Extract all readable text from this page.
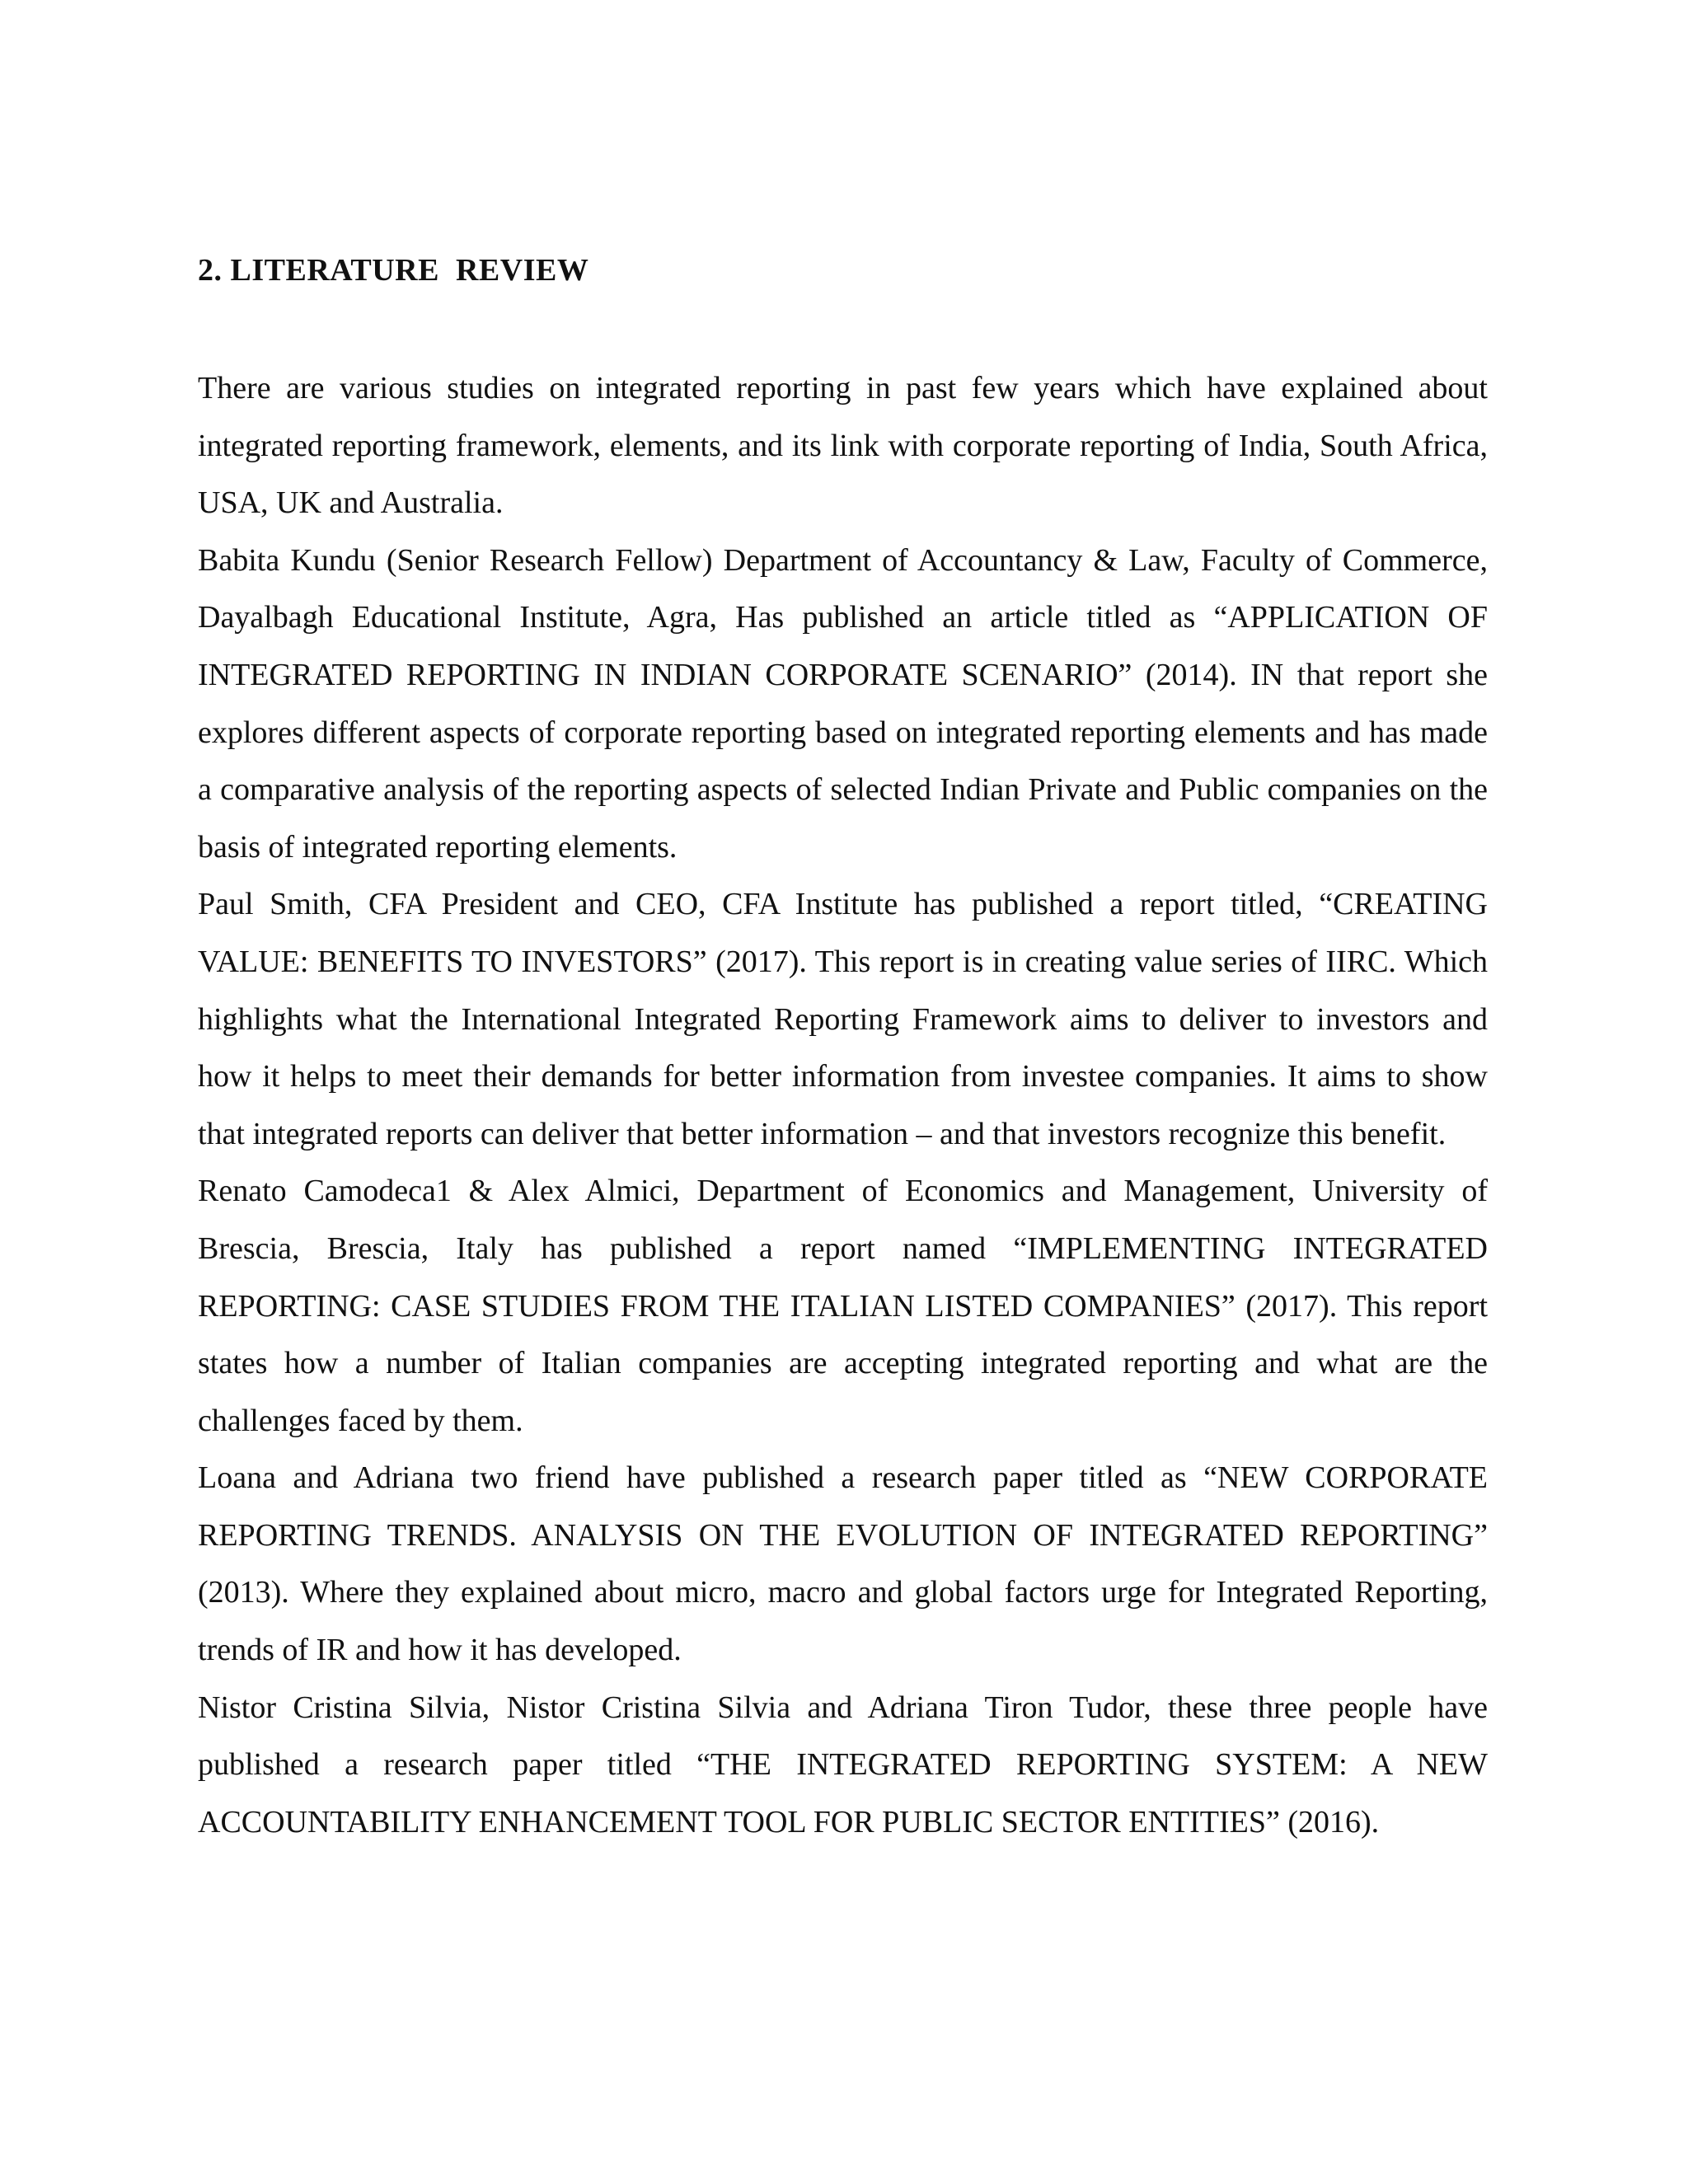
2. LITERATURE  REVIEW

There are various studies on integrated reporting in past few years which have explained about integrated reporting framework, elements, and its link with corporate reporting of India, South Africa, USA, UK and Australia.

Babita Kundu (Senior Research Fellow) Department of Accountancy & Law, Faculty of Commerce, Dayalbagh Educational Institute, Agra, Has published an article titled as “APPLICATION OF INTEGRATED REPORTING IN INDIAN CORPORATE SCENARIO” (2014). IN that report she explores different aspects of corporate reporting based on integrated reporting elements and has made a comparative analysis of the reporting aspects of selected Indian Private and Public companies on the basis of integrated reporting elements.

Paul Smith, CFA President and CEO, CFA Institute has published a report titled, “CREATING VALUE: BENEFITS TO INVESTORS” (2017). This report is in creating value series of IIRC. Which highlights what the International Integrated Reporting Framework aims to deliver to investors and how it helps to meet their demands for better information from investee companies. It aims to show that integrated reports can deliver that better information – and that investors recognize this benefit.

Renato Camodeca1 & Alex Almici, Department of Economics and Management, University of Brescia, Brescia, Italy has published a report named “IMPLEMENTING INTEGRATED REPORTING: CASE STUDIES FROM THE ITALIAN LISTED COMPANIES” (2017). This report states how a number of Italian companies are accepting integrated reporting and what are the challenges faced by them.

Loana and Adriana two friend have published a research paper titled as “NEW CORPORATE REPORTING TRENDS. ANALYSIS ON THE EVOLUTION OF INTEGRATED REPORTING” (2013). Where they explained about micro, macro and global factors urge for Integrated Reporting, trends of IR and how it has developed.

Nistor Cristina Silvia, Nistor Cristina Silvia and Adriana Tiron Tudor, these three people have published a research paper titled “THE INTEGRATED REPORTING SYSTEM: A NEW ACCOUNTABILITY ENHANCEMENT TOOL FOR PUBLIC SECTOR ENTITIES” (2016).
